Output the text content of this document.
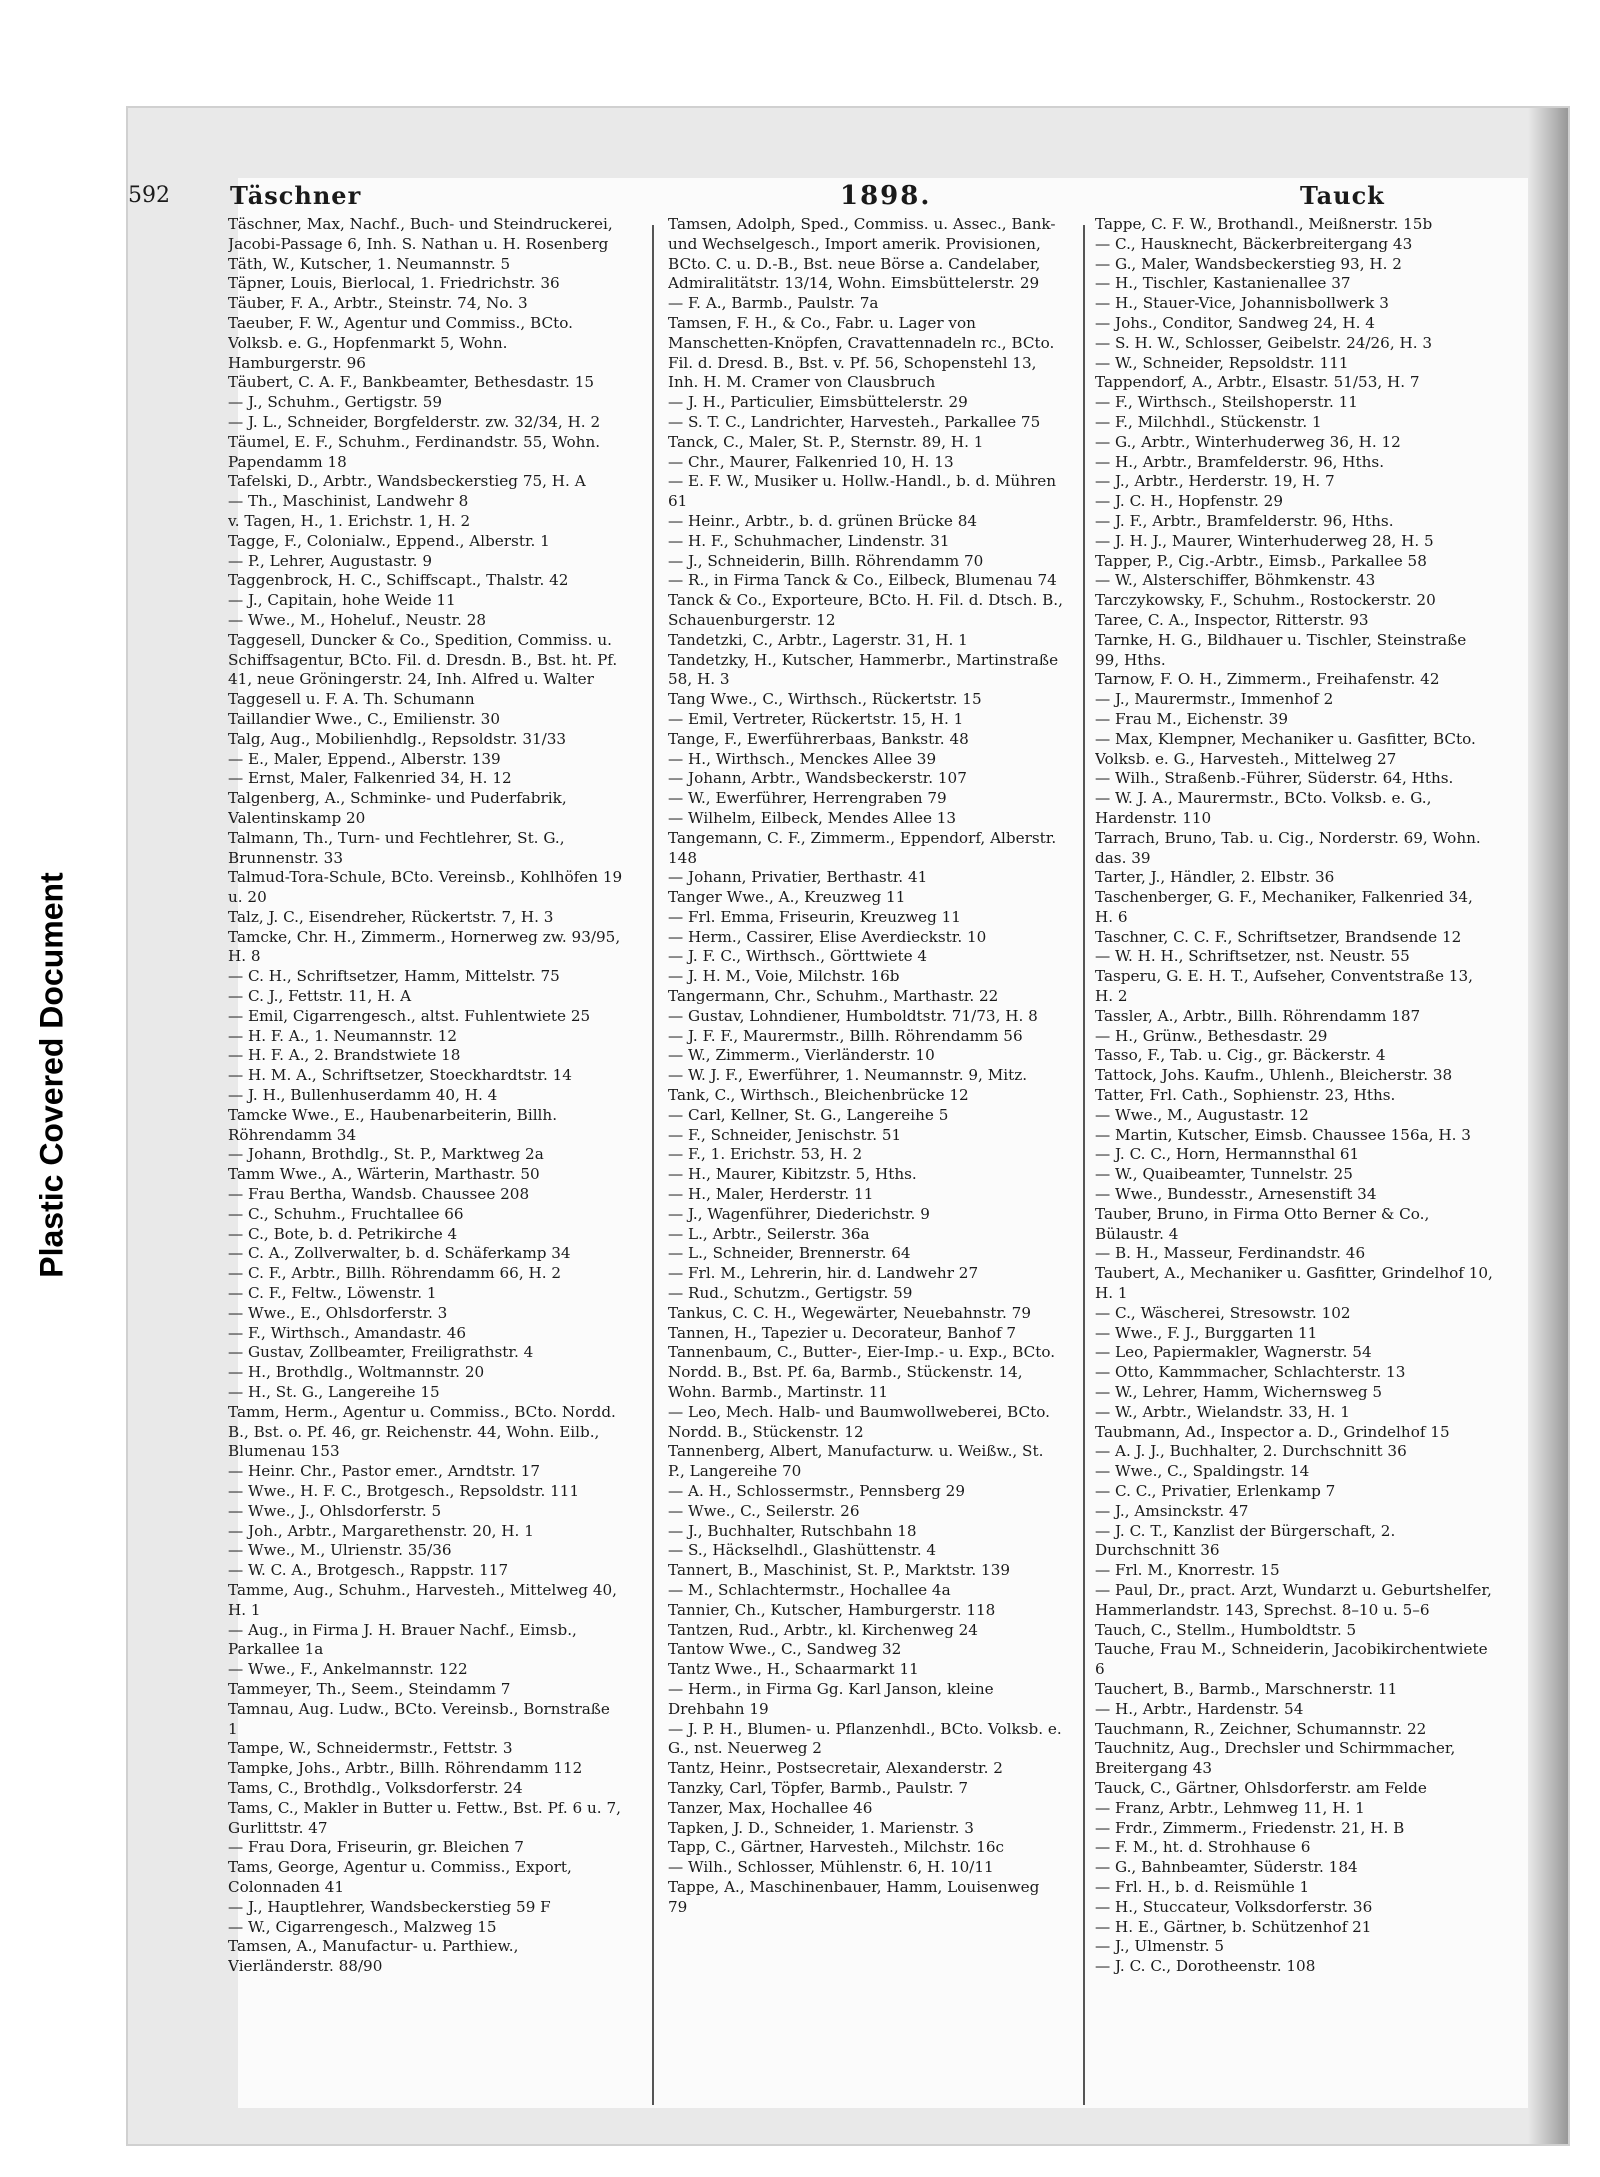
Plastic Covered Document
592	Täschner	1898.	Tauck
Täschner, Max, Nachf., Buch- und Steindruckerei, Jacobi-Passage 6, Inh. S. Nathan u. H. Rosenberg
Täth, W., Kutscher, 1. Neumannstr. 5
Täpner, Louis, Bierlocal, 1. Friedrichstr. 36
Täuber, F. A., Arbtr., Steinstr. 74, No. 3
Taeuber, F. W., Agentur und Commiss., BCto. Volksb. e. G., Hopfenmarkt 5, Wohn. Hamburgerstr. 96
Täubert, C. A. F., Bankbeamter, Bethesdastr. 15
— J., Schuhm., Gertigstr. 59
— J. L., Schneider, Borgfelderstr. zw. 32/34, H. 2
Täumel, E. F., Schuhm., Ferdinandstr. 55, Wohn. Papendamm 18
Tafelski, D., Arbtr., Wandsbeckerstieg 75, H. A
— Th., Maschinist, Landwehr 8
v. Tagen, H., 1. Erichstr. 1, H. 2
Tagge, F., Colonialw., Eppend., Alberstr. 1
— P., Lehrer, Augustastr. 9
Taggenbrock, H. C., Schiffscapt., Thalstr. 42
— J., Capitain, hohe Weide 11
— Wwe., M., Hoheluf., Neustr. 28
Taggesell, Duncker & Co., Spedition, Commiss. u. Schiffsagentur, BCto. Fil. d. Dresdn. B., Bst. ht. Pf. 41, neue Gröningerstr. 24, Inh. Alfred u. Walter Taggesell u. F. A. Th. Schumann
Taillandier Wwe., C., Emilienstr. 30
Talg, Aug., Mobilienhdlg., Repsoldstr. 31/33
— E., Maler, Eppend., Alberstr. 139
— Ernst, Maler, Falkenried 34, H. 12
Talgenberg, A., Schminke- und Puderfabrik, Valentinskamp 20
Talmann, Th., Turn- und Fechtlehrer, St. G., Brunnenstr. 33
Talmud-Tora-Schule, BCto. Vereinsb., Kohlhöfen 19 u. 20
Talz, J. C., Eisendreher, Rückertstr. 7, H. 3
Tamcke, Chr. H., Zimmerm., Hornerweg zw. 93/95, H. 8
— C. H., Schriftsetzer, Hamm, Mittelstr. 75
— C. J., Fettstr. 11, H. A
— Emil, Cigarrengesch., altst. Fuhlentwiete 25
— H. F. A., 1. Neumannstr. 12
— H. F. A., 2. Brandstwiete 18
— H. M. A., Schriftsetzer, Stoeckhardtstr. 14
— J. H., Bullenhuserdamm 40, H. 4
Tamcke Wwe., E., Haubenarbeiterin, Billh. Röhrendamm 34
— Johann, Brothdlg., St. P., Marktweg 2a
Tamm Wwe., A., Wärterin, Marthastr. 50
— Frau Bertha, Wandsb. Chaussee 208
— C., Schuhm., Fruchtallee 66
— C., Bote, b. d. Petrikirche 4
— C. A., Zollverwalter, b. d. Schäferkamp 34
— C. F., Arbtr., Billh. Röhrendamm 66, H. 2
— C. F., Feltw., Löwenstr. 1
— Wwe., E., Ohlsdorferstr. 3
— F., Wirthsch., Amandastr. 46
— Gustav, Zollbeamter, Freiligrathstr. 4
— H., Brothdlg., Woltmannstr. 20
— H., St. G., Langereihe 15
Tamm, Herm., Agentur u. Commiss., BCto. Nordd. B., Bst. o. Pf. 46, gr. Reichenstr. 44, Wohn. Eilb., Blumenau 153
— Heinr. Chr., Pastor emer., Arndtstr. 17
— Wwe., H. F. C., Brotgesch., Repsoldstr. 111
— Wwe., J., Ohlsdorferstr. 5
— Joh., Arbtr., Margarethenstr. 20, H. 1
— Wwe., M., Ulrienstr. 35/36
— W. C. A., Brotgesch., Rappstr. 117
Tamme, Aug., Schuhm., Harvesteh., Mittelweg 40, H. 1
— Aug., in Firma J. H. Brauer Nachf., Eimsb., Parkallee 1a
— Wwe., F., Ankelmannstr. 122
Tammeyer, Th., Seem., Steindamm 7
Tamnau, Aug. Ludw., BCto. Vereinsb., Bornstraße 1
Tampe, W., Schneidermstr., Fettstr. 3
Tampke, Johs., Arbtr., Billh. Röhrendamm 112
Tams, C., Brothdlg., Volksdorferstr. 24
Tams, C., Makler in Butter u. Fettw., Bst. Pf. 6 u. 7, Gurlittstr. 47
— Frau Dora, Friseurin, gr. Bleichen 7
Tams, George, Agentur u. Commiss., Export, Colonnaden 41
— J., Hauptlehrer, Wandsbeckerstieg 59 F
— W., Cigarrengesch., Malzweg 15
Tamsen, A., Manufactur- u. Parthiew., Vierländerstr. 88/90
Tamsen, Adolph, Sped., Commiss. u. Assec., Bank- und Wechselgesch., Import amerik. Provisionen, BCto. C. u. D.-B., Bst. neue Börse a. Candelaber, Admiralitätstr. 13/14, Wohn. Eimsbüttelerstr. 29
— F. A., Barmb., Paulstr. 7a
Tamsen, F. H., & Co., Fabr. u. Lager von Manschetten-Knöpfen, Cravattennadeln rc., BCto. Fil. d. Dresd. B., Bst. v. Pf. 56, Schopenstehl 13, Inh. H. M. Cramer von Clausbruch
— J. H., Particulier, Eimsbüttelerstr. 29
— S. T. C., Landrichter, Harvesteh., Parkallee 75
Tanck, C., Maler, St. P., Sternstr. 89, H. 1
— Chr., Maurer, Falkenried 10, H. 13
— E. F. W., Musiker u. Hollw.-Handl., b. d. Mühren 61
— Heinr., Arbtr., b. d. grünen Brücke 84
— H. F., Schuhmacher, Lindenstr. 31
— J., Schneiderin, Billh. Röhrendamm 70
— R., in Firma Tanck & Co., Eilbeck, Blumenau 74
Tanck & Co., Exporteure, BCto. H. Fil. d. Dtsch. B., Schauenburgerstr. 12
Tandetzki, C., Arbtr., Lagerstr. 31, H. 1
Tandetzky, H., Kutscher, Hammerbr., Martinstraße 58, H. 3
Tang Wwe., C., Wirthsch., Rückertstr. 15
— Emil, Vertreter, Rückertstr. 15, H. 1
Tange, F., Ewerführerbaas, Bankstr. 48
— H., Wirthsch., Menckes Allee 39
— Johann, Arbtr., Wandsbeckerstr. 107
— W., Ewerführer, Herrengraben 79
— Wilhelm, Eilbeck, Mendes Allee 13
Tangemann, C. F., Zimmerm., Eppendorf, Alberstr. 148
— Johann, Privatier, Berthastr. 41
Tanger Wwe., A., Kreuzweg 11
— Frl. Emma, Friseurin, Kreuzweg 11
— Herm., Cassirer, Elise Averdieckstr. 10
— J. F. C., Wirthsch., Görttwiete 4
— J. H. M., Voie, Milchstr. 16b
Tangermann, Chr., Schuhm., Marthastr. 22
— Gustav, Lohndiener, Humboldtstr. 71/73, H. 8
— J. F. F., Maurermstr., Billh. Röhrendamm 56
— W., Zimmerm., Vierländerstr. 10
— W. J. F., Ewerführer, 1. Neumannstr. 9, Mitz.
Tank, C., Wirthsch., Bleichenbrücke 12
— Carl, Kellner, St. G., Langereihe 5
— F., Schneider, Jenischstr. 51
— F., 1. Erichstr. 53, H. 2
— H., Maurer, Kibitzstr. 5, Hths.
— H., Maler, Herderstr. 11
— J., Wagenführer, Diederichstr. 9
— L., Arbtr., Seilerstr. 36a
— L., Schneider, Brennerstr. 64
— Frl. M., Lehrerin, hir. d. Landwehr 27
— Rud., Schutzm., Gertigstr. 59
Tankus, C. C. H., Wegewärter, Neuebahnstr. 79
Tannen, H., Tapezier u. Decorateur, Banhof 7
Tannenbaum, C., Butter-, Eier-Imp.- u. Exp., BCto. Nordd. B., Bst. Pf. 6a, Barmb., Stückenstr. 14, Wohn. Barmb., Martinstr. 11
— Leo, Mech. Halb- und Baumwollweberei, BCto. Nordd. B., Stückenstr. 12
Tannenberg, Albert, Manufacturw. u. Weißw., St. P., Langereihe 70
— A. H., Schlossermstr., Pennsberg 29
— Wwe., C., Seilerstr. 26
— J., Buchhalter, Rutschbahn 18
— S., Häckselhdl., Glashüttenstr. 4
Tannert, B., Maschinist, St. P., Marktstr. 139
— M., Schlachtermstr., Hochallee 4a
Tannier, Ch., Kutscher, Hamburgerstr. 118
Tantzen, Rud., Arbtr., kl. Kirchenweg 24
Tantow Wwe., C., Sandweg 32
Tantz Wwe., H., Schaarmarkt 11
— Herm., in Firma Gg. Karl Janson, kleine Drehbahn 19
— J. P. H., Blumen- u. Pflanzenhdl., BCto. Volksb. e. G., nst. Neuerweg 2
Tantz, Heinr., Postsecretair, Alexanderstr. 2
Tanzky, Carl, Töpfer, Barmb., Paulstr. 7
Tanzer, Max, Hochallee 46
Tapken, J. D., Schneider, 1. Marienstr. 3
Tapp, C., Gärtner, Harvesteh., Milchstr. 16c
— Wilh., Schlosser, Mühlenstr. 6, H. 10/11
Tappe, A., Maschinenbauer, Hamm, Louisenweg 79
Tappe, C. F. W., Brothandl., Meißnerstr. 15b
— C., Hausknecht, Bäckerbreitergang 43
— G., Maler, Wandsbeckerstieg 93, H. 2
— H., Tischler, Kastanienallee 37
— H., Stauer-Vice, Johannisbollwerk 3
— Johs., Conditor, Sandweg 24, H. 4
— S. H. W., Schlosser, Geibelstr. 24/26, H. 3
— W., Schneider, Repsoldstr. 111
Tappendorf, A., Arbtr., Elsastr. 51/53, H. 7
— F., Wirthsch., Steilshoperstr. 11
— F., Milchhdl., Stückenstr. 1
— G., Arbtr., Winterhuderweg 36, H. 12
— H., Arbtr., Bramfelderstr. 96, Hths.
— J., Arbtr., Herderstr. 19, H. 7
— J. C. H., Hopfenstr. 29
— J. F., Arbtr., Bramfelderstr. 96, Hths.
— J. H. J., Maurer, Winterhuderweg 28, H. 5
Tapper, P., Cig.-Arbtr., Eimsb., Parkallee 58
— W., Alsterschiffer, Böhmkenstr. 43
Tarczykowsky, F., Schuhm., Rostockerstr. 20
Taree, C. A., Inspector, Ritterstr. 93
Tarnke, H. G., Bildhauer u. Tischler, Steinstraße 99, Hths.
Tarnow, F. O. H., Zimmerm., Freihafenstr. 42
— J., Maurermstr., Immenhof 2
— Frau M., Eichenstr. 39
— Max, Klempner, Mechaniker u. Gasfitter, BCto. Volksb. e. G., Harvesteh., Mittelweg 27
— Wilh., Straßenb.-Führer, Süderstr. 64, Hths.
— W. J. A., Maurermstr., BCto. Volksb. e. G., Hardenstr. 110
Tarrach, Bruno, Tab. u. Cig., Norderstr. 69, Wohn. das. 39
Tarter, J., Händler, 2. Elbstr. 36
Taschenberger, G. F., Mechaniker, Falkenried 34, H. 6
Taschner, C. C. F., Schriftsetzer, Brandsende 12
— W. H. H., Schriftsetzer, nst. Neustr. 55
Tasperu, G. E. H. T., Aufseher, Conventstraße 13, H. 2
Tassler, A., Arbtr., Billh. Röhrendamm 187
— H., Grünw., Bethesdastr. 29
Tasso, F., Tab. u. Cig., gr. Bäckerstr. 4
Tattock, Johs. Kaufm., Uhlenh., Bleicherstr. 38
Tatter, Frl. Cath., Sophienstr. 23, Hths.
— Wwe., M., Augustastr. 12
— Martin, Kutscher, Eimsb. Chaussee 156a, H. 3
— J. C. C., Horn, Hermannsthal 61
— W., Quaibeamter, Tunnelstr. 25
— Wwe., Bundesstr., Arnesenstift 34
Tauber, Bruno, in Firma Otto Berner & Co., Bülaustr. 4
— B. H., Masseur, Ferdinandstr. 46
Taubert, A., Mechaniker u. Gasfitter, Grindelhof 10, H. 1
— C., Wäscherei, Stresowstr. 102
— Wwe., F. J., Burggarten 11
— Leo, Papiermakler, Wagnerstr. 54
— Otto, Kammmacher, Schlachterstr. 13
— W., Lehrer, Hamm, Wichernsweg 5
— W., Arbtr., Wielandstr. 33, H. 1
Taubmann, Ad., Inspector a. D., Grindelhof 15
— A. J. J., Buchhalter, 2. Durchschnitt 36
— Wwe., C., Spaldingstr. 14
— C. C., Privatier, Erlenkamp 7
— J., Amsinckstr. 47
— J. C. T., Kanzlist der Bürgerschaft, 2. Durchschnitt 36
— Frl. M., Knorrestr. 15
— Paul, Dr., pract. Arzt, Wundarzt u. Geburtshelfer, Hammerlandstr. 143, Sprechst. 8–10 u. 5–6
Tauch, C., Stellm., Humboldtstr. 5
Tauche, Frau M., Schneiderin, Jacobikirchentwiete 6
Tauchert, B., Barmb., Marschnerstr. 11
— H., Arbtr., Hardenstr. 54
Tauchmann, R., Zeichner, Schumannstr. 22
Tauchnitz, Aug., Drechsler und Schirmmacher, Breitergang 43
Tauck, C., Gärtner, Ohlsdorferstr. am Felde
— Franz, Arbtr., Lehmweg 11, H. 1
— Frdr., Zimmerm., Friedenstr. 21, H. B
— F. M., ht. d. Strohhause 6
— G., Bahnbeamter, Süderstr. 184
— Frl. H., b. d. Reismühle 1
— H., Stuccateur, Volksdorferstr. 36
— H. E., Gärtner, b. Schützenhof 21
— J., Ulmenstr. 5
— J. C. C., Dorotheenstr. 108
